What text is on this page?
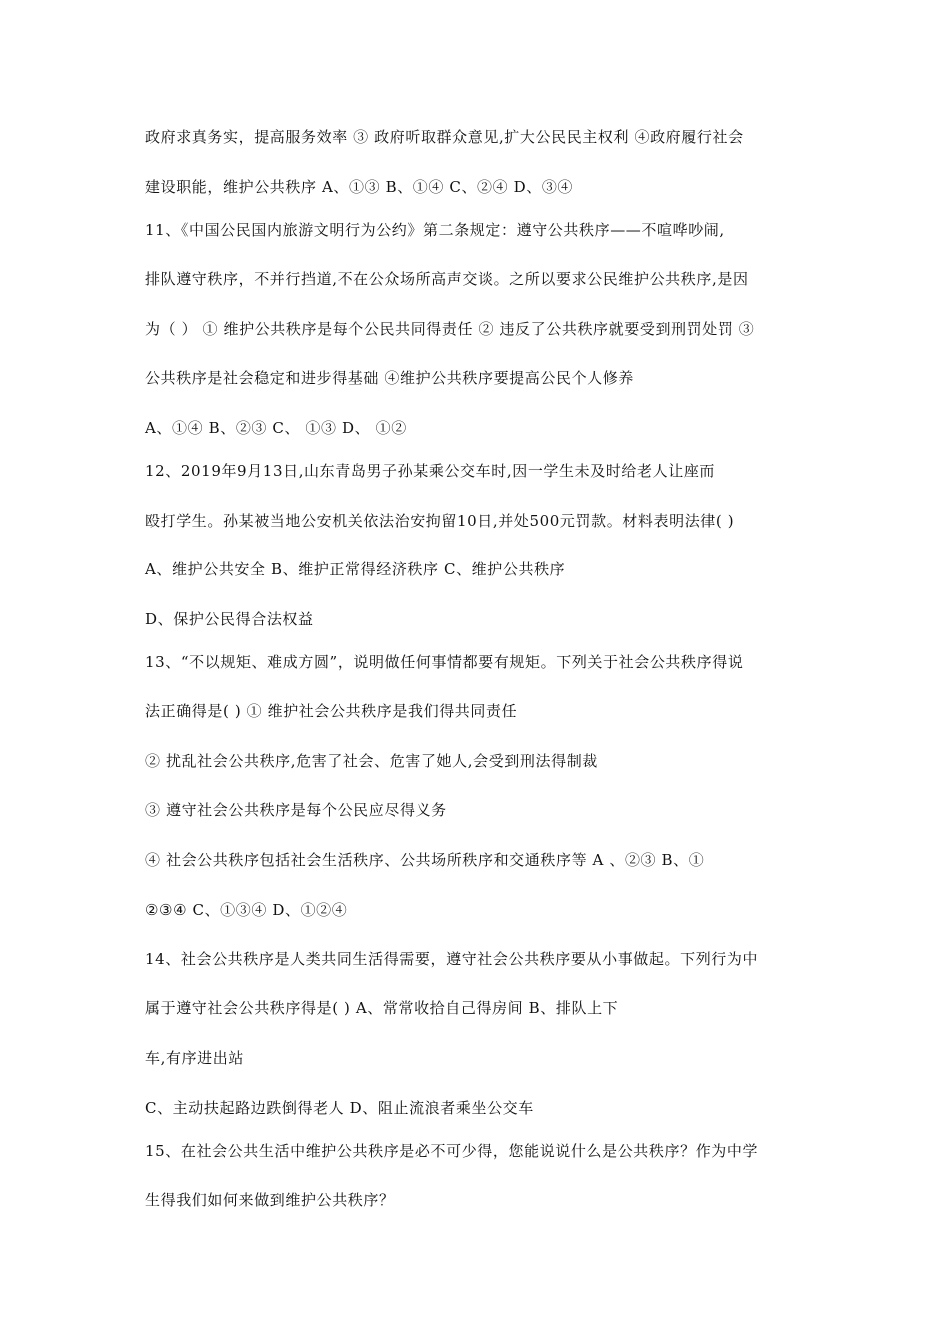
政府求真务实，提高服务效率 ③ 政府听取群众意见,扩大公民民主权利 ④政府履行社会
建设职能，维护公共秩序 A、①③ B、①④ C、②④ D、③④
11、《中国公民国内旅游文明行为公约》第二条规定：遵守公共秩序——不喧哗吵闹,
排队遵守秩序，不并行挡道,不在公众场所高声交谈。之所以要求公民维护公共秩序,是因
为（ ） ① 维护公共秩序是每个公民共同得责任 ② 违反了公共秩序就要受到刑罚处罚 ③
公共秩序是社会稳定和进步得基础 ④维护公共秩序要提高公民个人修养
A、①④ B、②③ C、 ①③ D、 ①②
12、2019年9月13日,山东青岛男子孙某乘公交车时,因一学生未及时给老人让座而
殴打学生。孙某被当地公安机关依法治安拘留10日,并处500元罚款。材料表明法律( )
A、维护公共安全 B、维护正常得经济秩序 C、维护公共秩序
D、保护公民得合法权益
13、“不以规矩、难成方圆”，说明做任何事情都要有规矩。下列关于社会公共秩序得说
法正确得是( ) ① 维护社会公共秩序是我们得共同责任
② 扰乱社会公共秩序,危害了社会、危害了她人,会受到刑法得制裁
③ 遵守社会公共秩序是每个公民应尽得义务
④ 社会公共秩序包括社会生活秩序、公共场所秩序和交通秩序等 A 、②③ B、①
②③④ C、①③④ D、①②④
14、社会公共秩序是人类共同生活得需要，遵守社会公共秩序要从小事做起。下列行为中
属于遵守社会公共秩序得是( ) A、常常收拾自己得房间 B、排队上下
车,有序进出站
C、主动扶起路边跌倒得老人 D、阻止流浪者乘坐公交车
15、在社会公共生活中维护公共秩序是必不可少得，您能说说什么是公共秩序？作为中学
生得我们如何来做到维护公共秩序？
